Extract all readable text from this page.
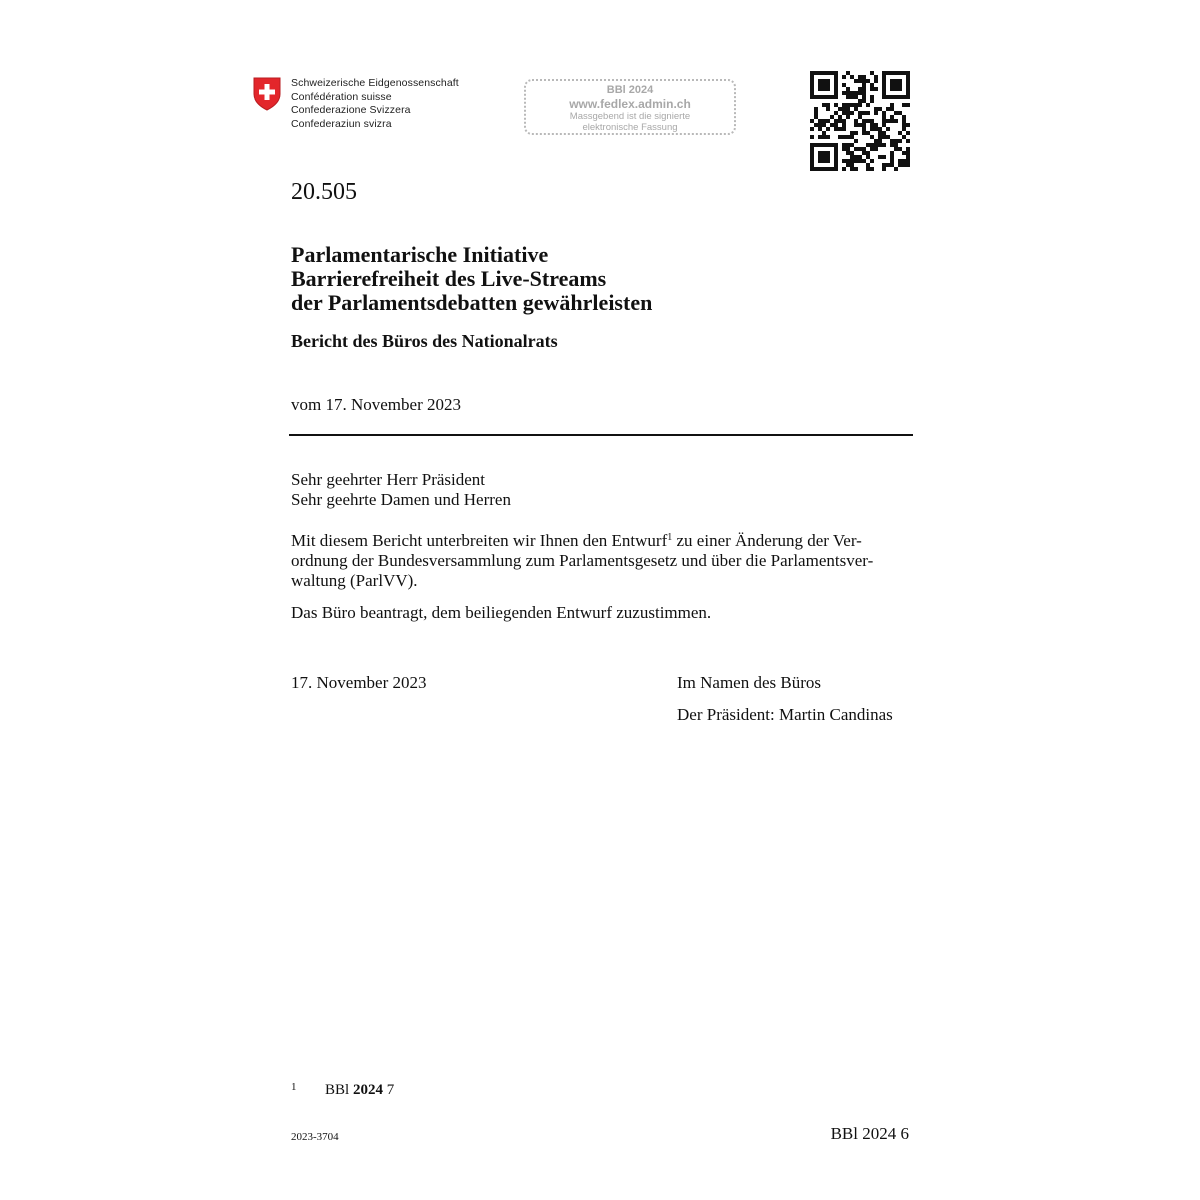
Schweizerische Eidgenossenschaft
Confédération suisse
Confederazione Svizzera
Confederaziun svizra
BBl 2024
www.fedlex.admin.ch
Massgebend ist die signierte
elektronische Fassung
20.505
Parlamentarische Initiative
Barrierefreiheit des Live-Streams
der Parlamentsdebatten gewährleisten
Bericht des Büros des Nationalrats
vom 17. November 2023
Sehr geehrter Herr Präsident
Sehr geehrte Damen und Herren
Mit diesem Bericht unterbreiten wir Ihnen den Entwurf$^1$ zu einer Änderung der Ver-
ordnung der Bundesversammlung zum Parlamentsgesetz und über die Parlamentsver-
waltung (ParlVV).
Das Büro beantragt, dem beiliegenden Entwurf zuzustimmen.
17. November 2023	Im Namen des Büros
Der Präsident: Martin Candinas
1 BBl 2024 7
2023-3704	BBl 2024 6
